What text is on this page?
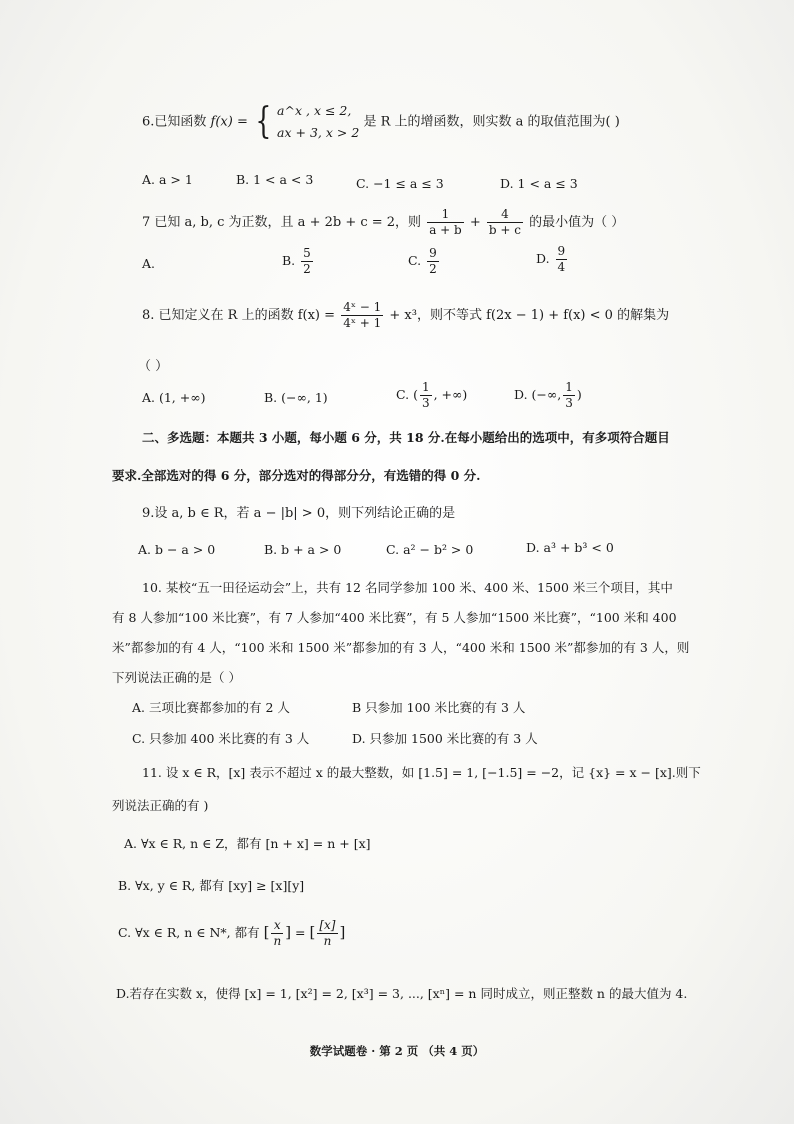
6.已知函数 f(x) = { a^x , x ≤ 2,
ax + 3, x > 2
是 R 上的增函数，则实数 a 的取值范围为( )
A. a > 1	B. 1 < a < 3	C. −1 ≤ a ≤ 3	D. 1 < a ≤ 3
7 已知 a, b, c 为正数，且 a + 2b + c = 2，则 $\frac{1}{a + b} + \frac{4}{b + c}$ 的最小值为（ ）
A.	B. $\frac{5}{2}$	C. $\frac{9}{2}$	D. $\frac{9}{4}$
8. 已知定义在 R 上的函数 $f(x) = \frac{\text{4ˣ − 1}}{\text{4ˣ + 1}} + x^3$，则不等式 f(2x − 1) + f(x) < 0 的解集为
（ ）
A. (1, +∞)	B. (−∞, 1)	C. ( $\frac{1}{3}$ , +∞)	D. (−∞, $\frac{1}{3}$ )
二、多选题：本题共 3 小题，每小题 6 分，共 18 分.在每小题给出的选项中，有多项符合题目
要求.全部选对的得 6 分，部分选对的得部分分，有选错的得 0 分.
9.设 a, b ∈ R，若 a − |b| > 0，则下列结论正确的是
A. b − a > 0	B. b + a > 0	C. a² − b² > 0	D. a³ + b³ < 0
10. 某校“五一田径运动会”上，共有 12 名同学参加 100 米、400 米、1500 米三个项目，其中
有 8 人参加“100 米比赛”，有 7 人参加“400 米比赛”，有 5 人参加“1500 米比赛”，“100 米和 400
米”都参加的有 4 人，“100 米和 1500 米”都参加的有 3 人，“400 米和 1500 米”都参加的有 3 人，则
下列说法正确的是（ ）
A. 三项比赛都参加的有 2 人	B 只参加 100 米比赛的有 3 人
C. 只参加 400 米比赛的有 3 人	D. 只参加 1500 米比赛的有 3 人
11. 设 x ∈ R，[x] 表示不超过 x 的最大整数，如 [1.5] = 1, [−1.5] = −2，记 {x} = x − [x].则下
列说法正确的有 )
A. ∀x ∈ R, n ∈ Z，都有 [n + x] = n + [x]
B. ∀x, y ∈ R, 都有 [xy] ≥ [x][y]
C. ∀x ∈ R, n ∈ N*, 都有 [ $\frac{x}{n}$ ] = [ $\frac{[x]}{n}$ ]
D.若存在实数 x，使得 [x] = 1, [x²] = 2, [x³] = 3, ..., [xⁿ] = n 同时成立，则正整数 n 的最大值为 4.
数学试题卷 · 第 2 页 （共 4 页）
